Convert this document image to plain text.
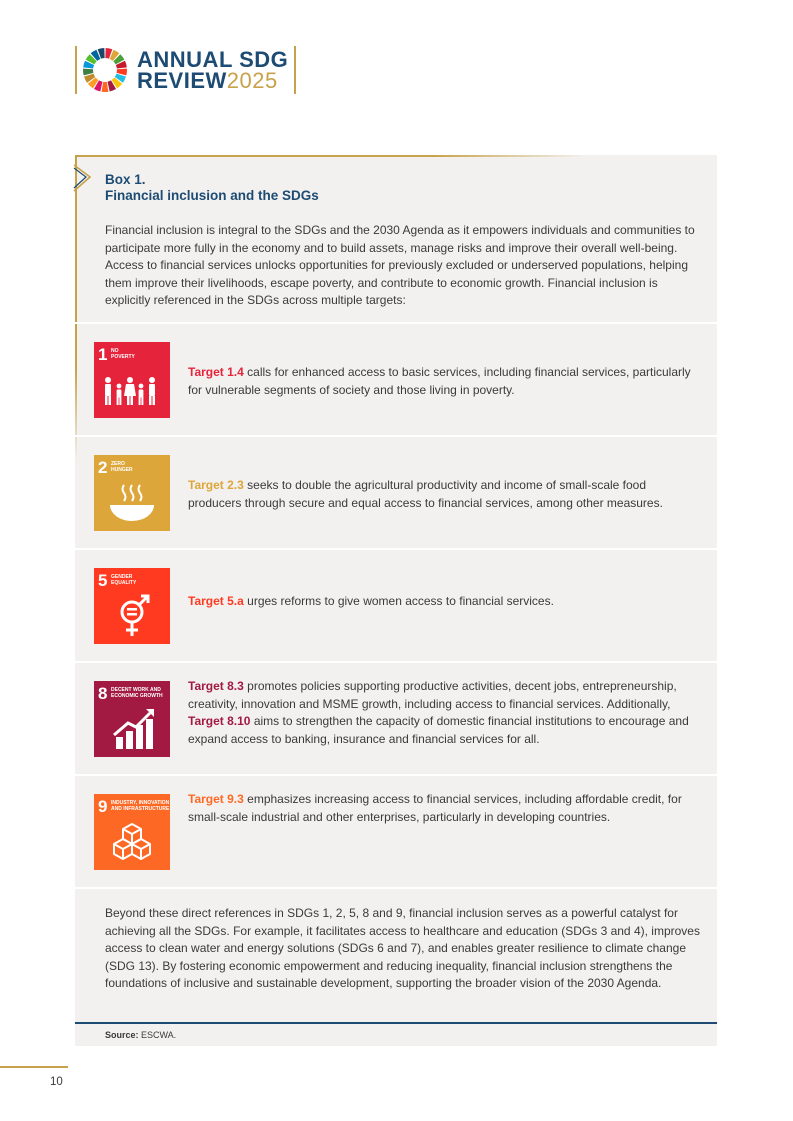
ANNUAL SDG
REVIEW2025
Box 1.
Financial inclusion and the SDGs
Financial inclusion is integral to the SDGs and the 2030 Agenda as it empowers individuals and communities to participate more fully in the economy and to build assets, manage risks and improve their overall well-being. Access to financial services unlocks opportunities for previously excluded or underserved populations, helping them improve their livelihoods, escape poverty, and contribute to economic growth. Financial inclusion is explicitly referenced in the SDGs across multiple targets:
1 NO
POVERTY
Target 1.4 calls for enhanced access to basic services, including financial services, particularly for vulnerable segments of society and those living in poverty.
2 ZERO
HUNGER
Target 2.3 seeks to double the agricultural productivity and income of small-scale food producers through secure and equal access to financial services, among other measures.
5 GENDER
EQUALITY
Target 5.a urges reforms to give women access to financial services.
8 DECENT WORK AND
ECONOMIC GROWTH
Target 8.3 promotes policies supporting productive activities, decent jobs, entrepreneurship, creativity, innovation and MSME growth, including access to financial services. Additionally, Target 8.10 aims to strengthen the capacity of domestic financial institutions to encourage and expand access to banking, insurance and financial services for all.
9 INDUSTRY, INNOVATION
AND INFRASTRUCTURE
Target 9.3 emphasizes increasing access to financial services, including affordable credit, for small-scale industrial and other enterprises, particularly in developing countries.
Beyond these direct references in SDGs 1, 2, 5, 8 and 9, financial inclusion serves as a powerful catalyst for achieving all the SDGs. For example, it facilitates access to healthcare and education (SDGs 3 and 4), improves access to clean water and energy solutions (SDGs 6 and 7), and enables greater resilience to climate change (SDG 13). By fostering economic empowerment and reducing inequality, financial inclusion strengthens the foundations of inclusive and sustainable development, supporting the broader vision of the 2030 Agenda.
Source: ESCWA.
10
